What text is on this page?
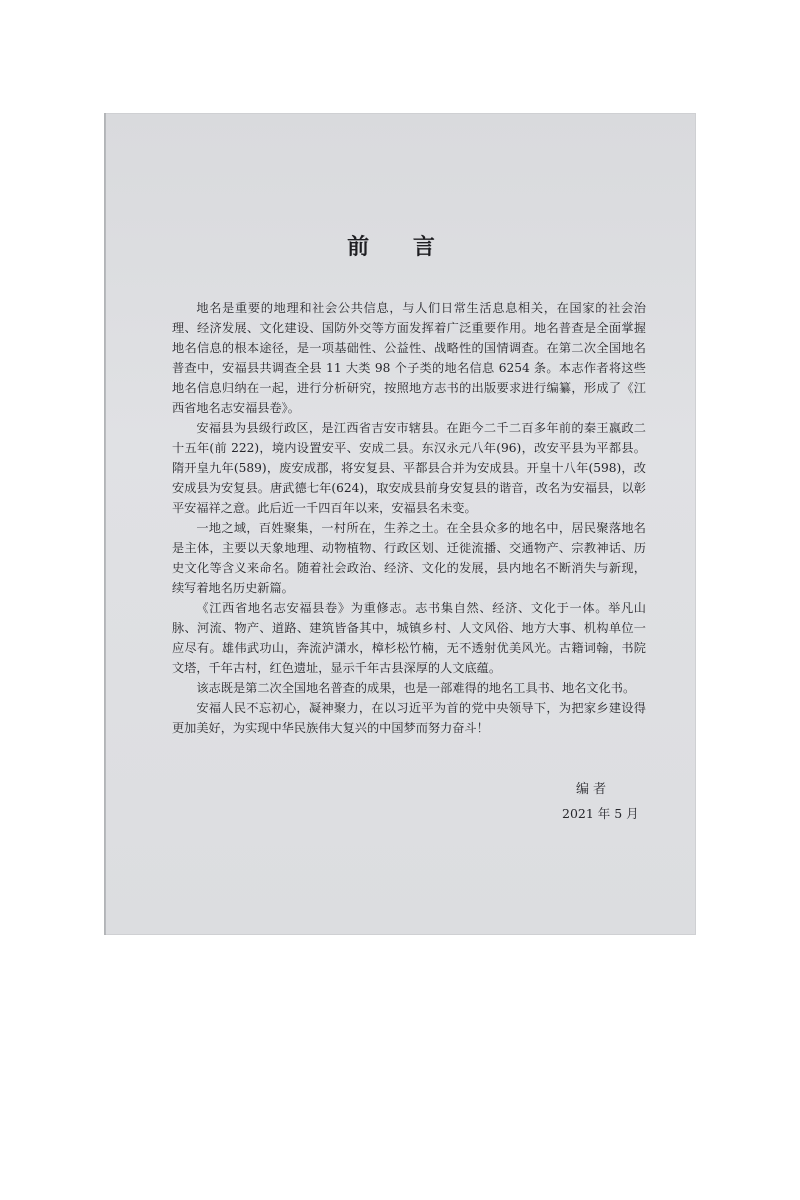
前 言

地名是重要的地理和社会公共信息，与人们日常生活息息相关，在国家的社会治理、经济发展、文化建设、国防外交等方面发挥着广泛重要作用。地名普查是全面掌握地名信息的根本途径，是一项基础性、公益性、战略性的国情调查。在第二次全国地名普查中，安福县共调查全县 11 大类 98 个子类的地名信息 6254 条。本志作者将这些地名信息归纳在一起，进行分析研究，按照地方志书的出版要求进行编纂，形成了《江西省地名志安福县卷》。

安福县为县级行政区，是江西省吉安市辖县。在距今二千二百多年前的秦王嬴政二十五年(前 222)，境内设置安平、安成二县。东汉永元八年(96)，改安平县为平都县。隋开皇九年(589)，废安成郡，将安复县、平都县合并为安成县。开皇十八年(598)，改安成县为安复县。唐武德七年(624)，取安成县前身安复县的谐音，改名为安福县，以彰平安福祥之意。此后近一千四百年以来，安福县名未变。

一地之域，百姓聚集，一村所在，生养之土。在全县众多的地名中，居民聚落地名是主体，主要以天象地理、动物植物、行政区划、迁徙流播、交通物产、宗教神话、历史文化等含义来命名。随着社会政治、经济、文化的发展，县内地名不断消失与新现，续写着地名历史新篇。

《江西省地名志安福县卷》为重修志。志书集自然、经济、文化于一体。举凡山脉、河流、物产、道路、建筑皆备其中，城镇乡村、人文风俗、地方大事、机构单位一应尽有。雄伟武功山，奔流泸潇水，樟杉松竹楠，无不透射优美风光。古籍词翰，书院文塔，千年古村，红色遗址，显示千年古县深厚的人文底蕴。

该志既是第二次全国地名普查的成果，也是一部难得的地名工具书、地名文化书。

安福人民不忘初心，凝神聚力，在以习近平为首的党中央领导下，为把家乡建设得更加美好，为实现中华民族伟大复兴的中国梦而努力奋斗！

编者
2021 年 5 月
